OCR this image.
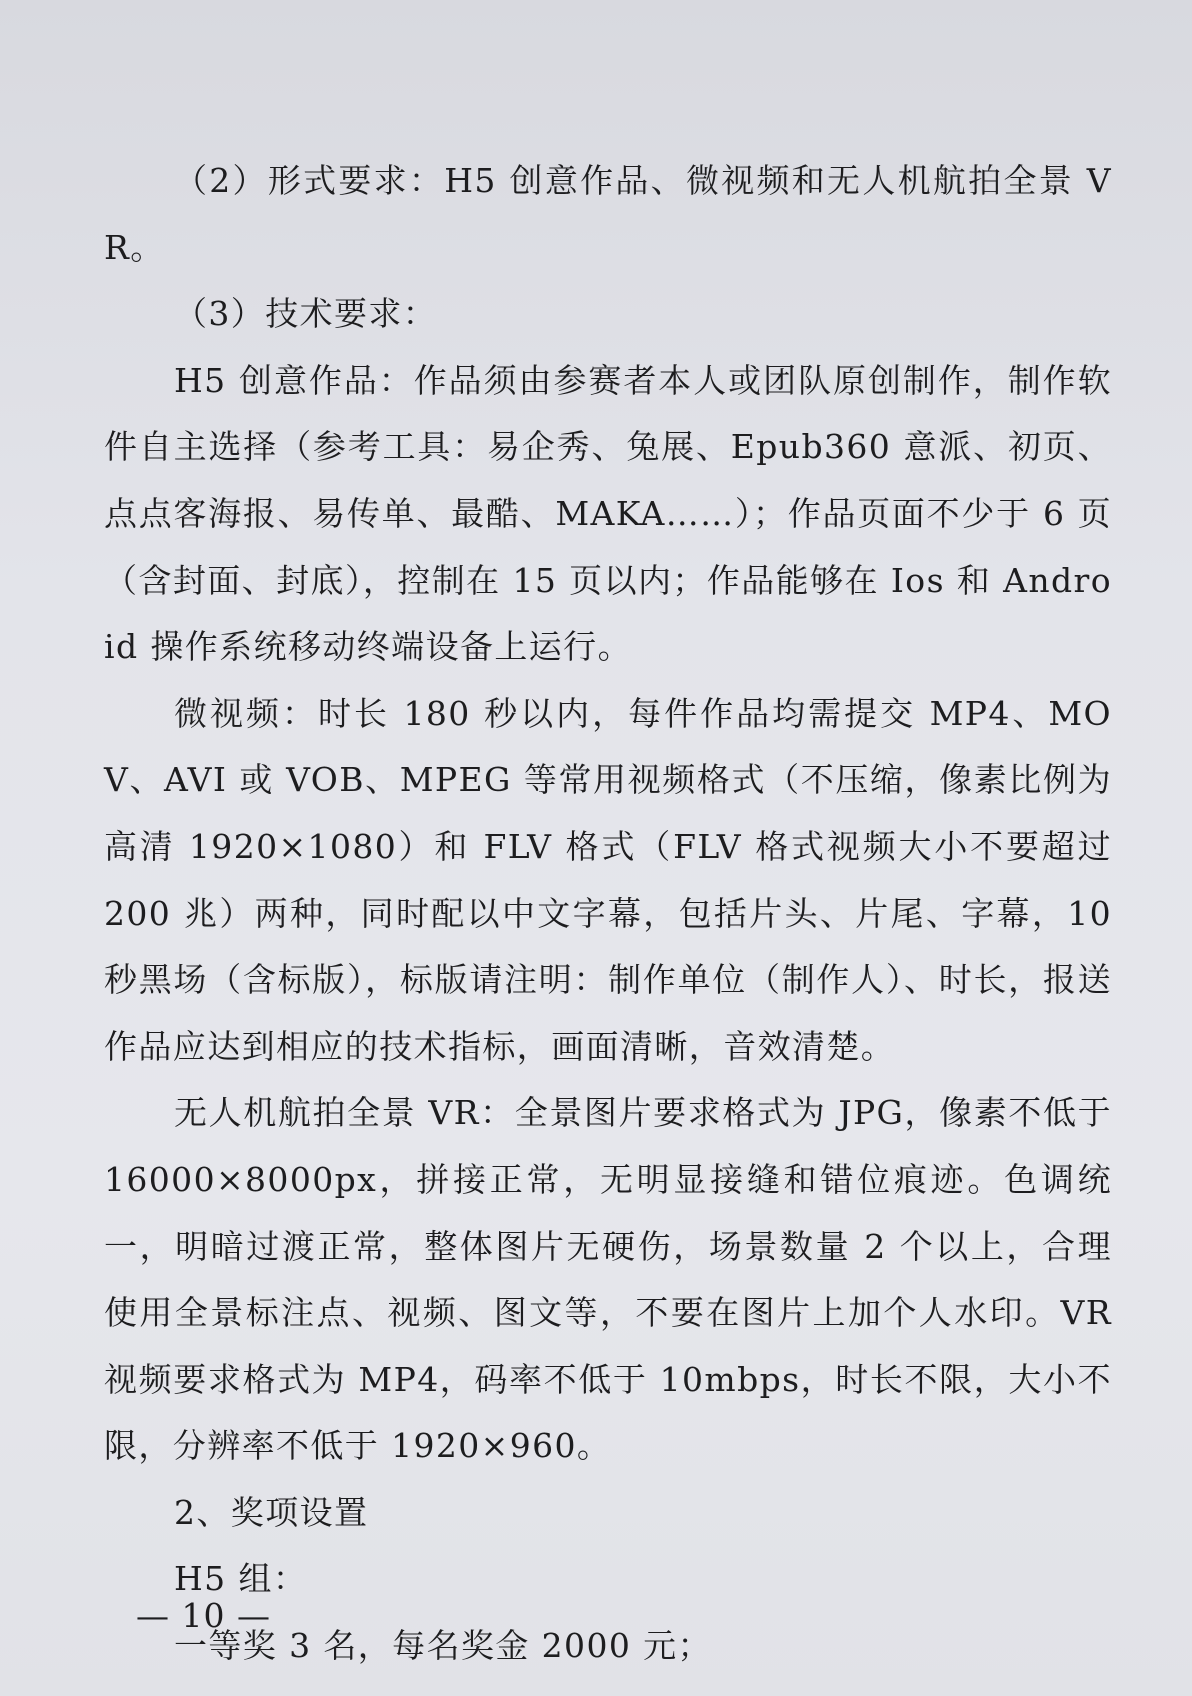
（2）形式要求：H5 创意作品、微视频和无人机航拍全景 VR。

（3）技术要求：

H5 创意作品：作品须由参赛者本人或团队原创制作，制作软件自主选择（参考工具：易企秀、兔展、Epub360 意派、初页、点点客海报、易传单、最酷、MAKA……）；作品页面不少于 6 页（含封面、封底），控制在 15 页以内；作品能够在 Ios 和 Android 操作系统移动终端设备上运行。

微视频：时长 180 秒以内，每件作品均需提交 MP4、MOV、AVI 或 VOB、MPEG 等常用视频格式（不压缩，像素比例为高清 1920×1080）和 FLV 格式（FLV 格式视频大小不要超过 200 兆）两种，同时配以中文字幕，包括片头、片尾、字幕，10 秒黑场（含标版），标版请注明：制作单位（制作人）、时长，报送作品应达到相应的技术指标，画面清晰，音效清楚。

无人机航拍全景 VR：全景图片要求格式为 JPG，像素不低于 16000×8000px，拼接正常，无明显接缝和错位痕迹。色调统一，明暗过渡正常，整体图片无硬伤，场景数量 2 个以上，合理使用全景标注点、视频、图文等，不要在图片上加个人水印。VR 视频要求格式为 MP4，码率不低于 10mbps，时长不限，大小不限，分辨率不低于 1920×960。

2、奖项设置

H5 组：

一等奖 3 名，每名奖金 2000 元；

— 10 —
